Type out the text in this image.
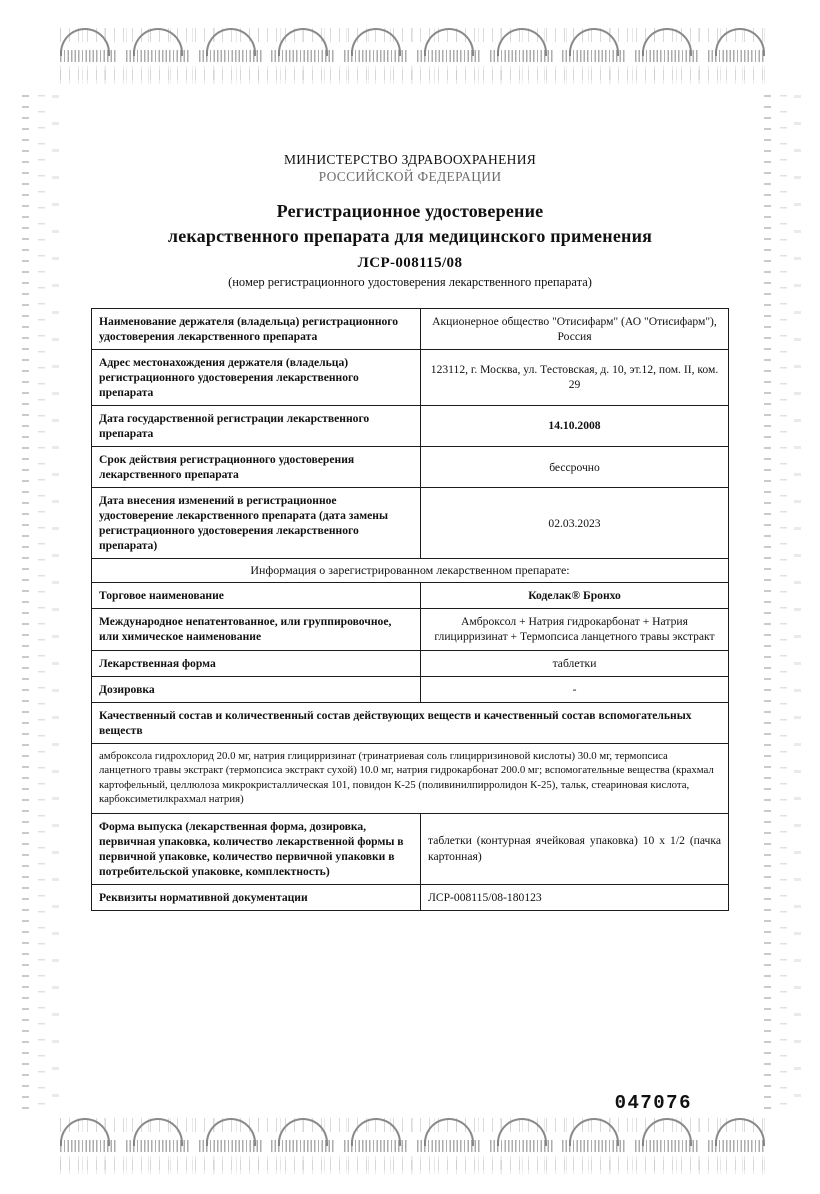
МИНИСТЕРСТВО ЗДРАВООХРАНЕНИЯ
РОССИЙСКОЙ ФЕДЕРАЦИИ
Регистрационное удостоверение
лекарственного препарата для медицинского применения
ЛСР-008115/08
(номер регистрационного удостоверения лекарственного препарата)
Наименование держателя (владельца) регистрационного удостоверения лекарственного препарата	Акционерное общество "Отисифарм" (АО "Отисифарм"), Россия
Адрес местонахождения держателя (владельца) регистрационного удостоверения лекарственного препарата	123112, г. Москва, ул. Тестовская, д. 10, эт.12, пом. II, ком. 29
Дата государственной регистрации лекарственного препарата	14.10.2008
Срок действия регистрационного удостоверения лекарственного препарата	бессрочно
Дата внесения изменений в регистрационное удостоверение лекарственного препарата (дата замены регистрационного удостоверения лекарственного препарата)	02.03.2023
Информация о зарегистрированном лекарственном препарате:	
Торговое наименование	Коделак® Бронхо
Международное непатентованное, или группировочное, или химическое наименование	Амброксол + Натрия гидрокарбонат + Натрия глицирризинат + Термопсиса ланцетного травы экстракт
Лекарственная форма	таблетки
Дозировка	-
Качественный состав и количественный состав действующих веществ и качественный состав вспомогательных веществ	
амброксола гидрохлорид 20.0 мг, натрия глицирризинат (тринатриевая соль глицирризиновой кислоты) 30.0 мг, термопсиса ланцетного травы экстракт (термопсиса экстракт сухой) 10.0 мг, натрия гидрокарбонат 200.0 мг; вспомогательные вещества (крахмал картофельный, целлюлоза микрокристаллическая 101, повидон К-25 (поливинилпирролидон К-25), тальк, стеариновая кислота, карбоксиметилкрахмал натрия)	
Форма выпуска (лекарственная форма, дозировка, первичная упаковка, количество лекарственной формы в первичной упаковке, количество первичной упаковки в потребительской упаковке, комплектность)	таблетки (контурная ячейковая упаковка) 10 х 1/2 (пачка картонная)
Реквизиты нормативной документации	ЛСР-008115/08-180123
047076
